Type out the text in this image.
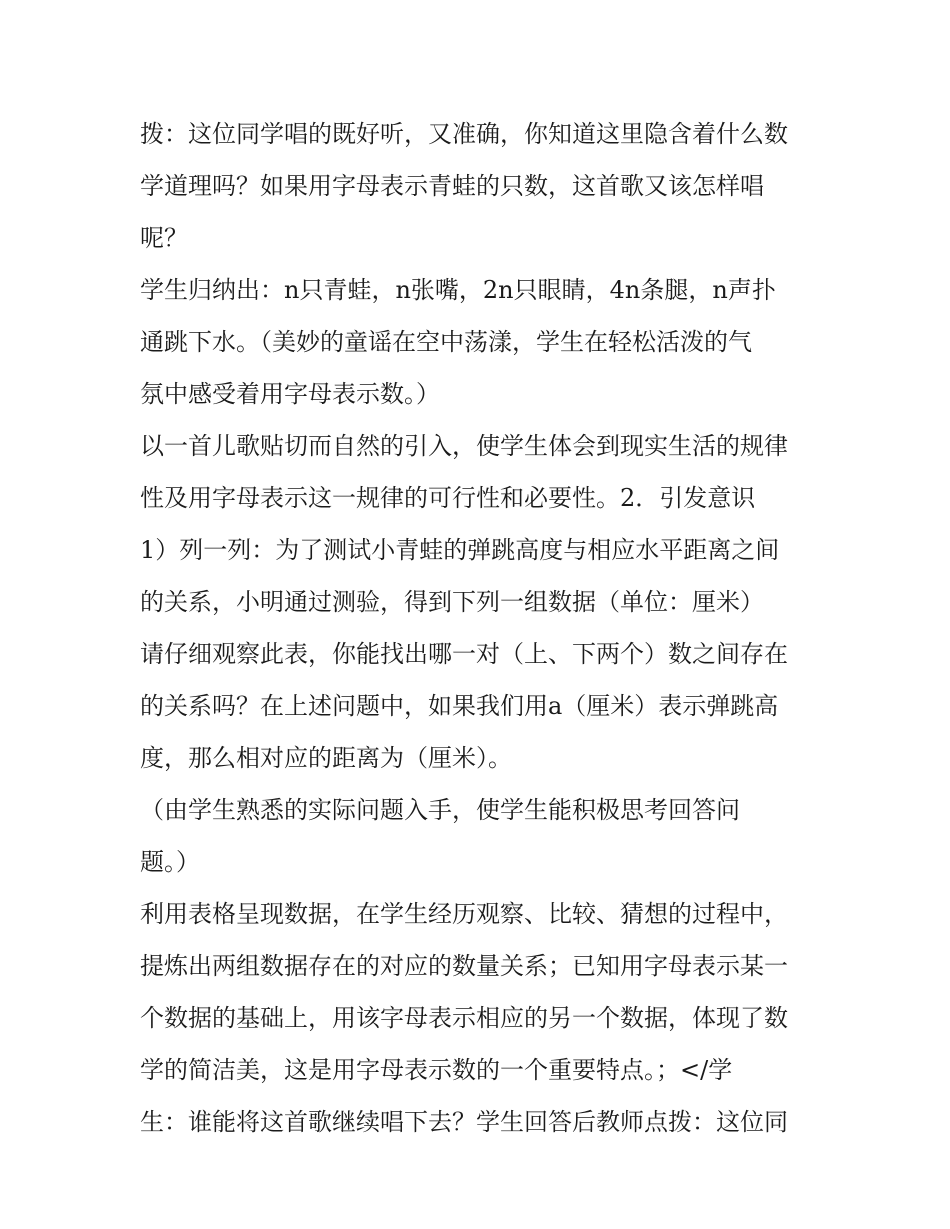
拨：这位同学唱的既好听，又准确，你知道这里隐含着什么数
学道理吗？如果用字母表示青蛙的只数，这首歌又该怎样唱
呢？
学生归纳出：n只青蛙，n张嘴，2n只眼睛，4n条腿，n声扑
通跳下水。（美妙的童谣在空中荡漾，学生在轻松活泼的气
氛中感受着用字母表示数。）
以一首儿歌贴切而自然的引入，使学生体会到现实生活的规律
性及用字母表示这一规律的可行性和必要性。2．引发意识
1）列一列：为了测试小青蛙的弹跳高度与相应水平距离之间
的关系，小明通过测验，得到下列一组数据（单位：厘米）
请仔细观察此表，你能找出哪一对（上、下两个）数之间存在
的关系吗？在上述问题中，如果我们用a（厘米）表示弹跳高
度，那么相对应的距离为（厘米）。
（由学生熟悉的实际问题入手，使学生能积极思考回答问
题。）
利用表格呈现数据，在学生经历观察、比较、猜想的过程中，
提炼出两组数据存在的对应的数量关系；已知用字母表示某一
个数据的基础上，用该字母表示相应的另一个数据，体现了数
学的简洁美，这是用字母表示数的一个重要特点。；</学
生：谁能将这首歌继续唱下去？学生回答后教师点拨：这位同
